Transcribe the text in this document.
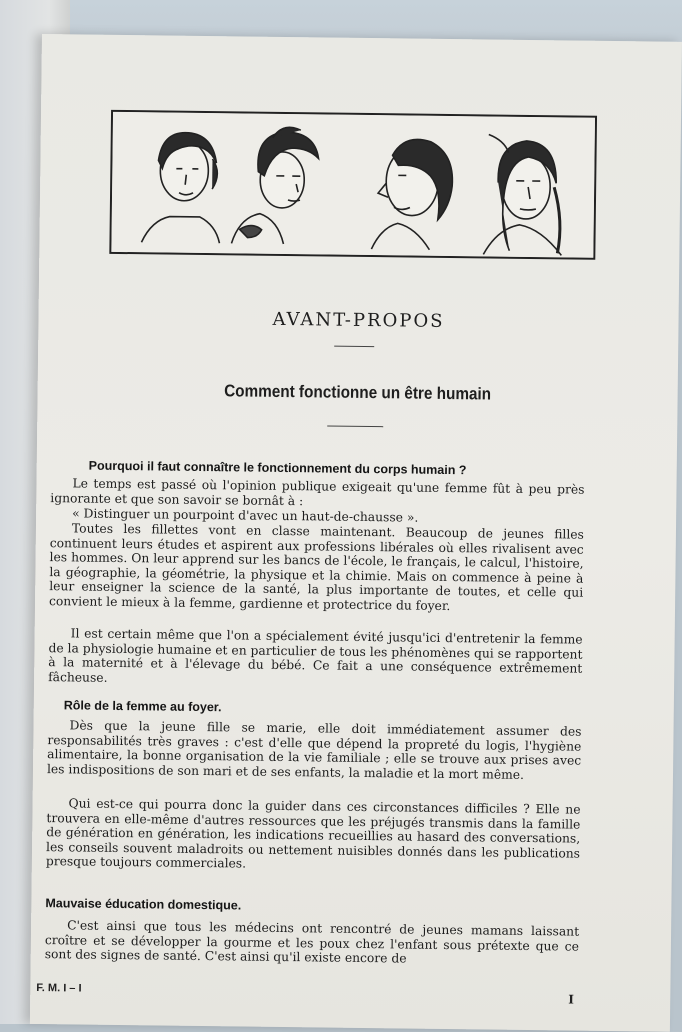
AVANT-PROPOS
Comment fonctionne un être humain
Pourquoi il faut connaître le fonctionnement du corps humain ?
Le temps est passé où l'opinion publique exigeait qu'une femme fût à peu près ignorante et que son savoir se bornât à :
« Distinguer un pourpoint d'avec un haut-de-chausse ».
Toutes les fillettes vont en classe maintenant. Beaucoup de jeunes filles continuent leurs études et aspirent aux professions libérales où elles rivalisent avec les hommes. On leur apprend sur les bancs de l'école, le français, le calcul, l'histoire, la géographie, la géométrie, la physique et la chimie. Mais on commence à peine à leur enseigner la science de la santé, la plus importante de toutes, et celle qui convient le mieux à la femme, gardienne et protectrice du foyer.
Il est certain même que l'on a spécialement évité jusqu'ici d'entretenir la femme de la physiologie humaine et en particulier de tous les phénomènes qui se rapportent à la maternité et à l'élevage du bébé. Ce fait a une conséquence extrêmement fâcheuse.
Rôle de la femme au foyer.
Dès que la jeune fille se marie, elle doit immédiatement assumer des responsabilités très graves : c'est d'elle que dépend la propreté du logis, l'hygiène alimentaire, la bonne organisation de la vie familiale ; elle se trouve aux prises avec les indispositions de son mari et de ses enfants, la maladie et la mort même.
Qui est-ce qui pourra donc la guider dans ces circonstances difficiles ? Elle ne trouvera en elle-même d'autres ressources que les préjugés transmis dans la famille de génération en génération, les indications recueillies au hasard des conversations, les conseils souvent maladroits ou nettement nuisibles donnés dans les publications presque toujours commerciales.
Mauvaise éducation domestique.
C'est ainsi que tous les médecins ont rencontré de jeunes mamans laissant croître et se développer la gourme et les poux chez l'enfant sous prétexte que ce sont des signes de santé. C'est ainsi qu'il existe encore de
F. M. I – I
I
